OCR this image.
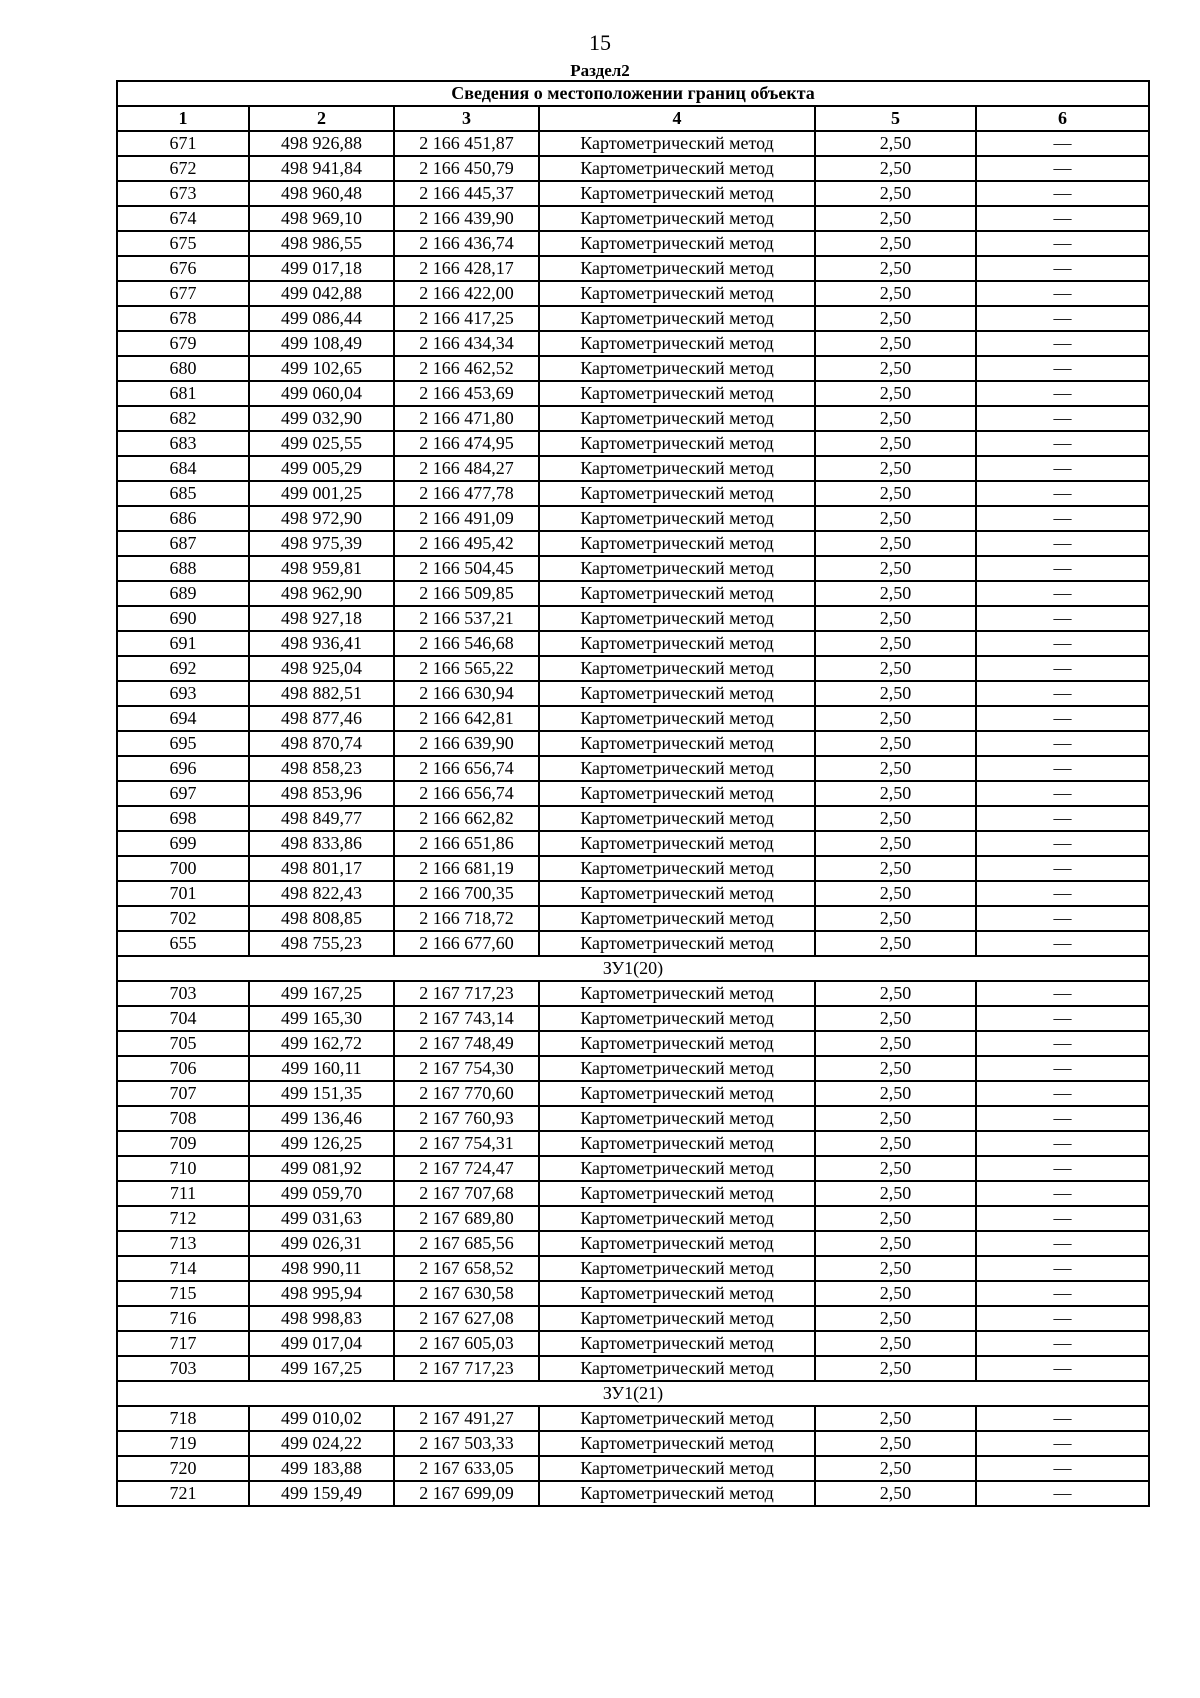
15
Раздел2
Сведения о местоположении границ объекта					
1	2	3	4	5	6
671	498 926,88	2 166 451,87	Картометрический метод	2,50	—
672	498 941,84	2 166 450,79	Картометрический метод	2,50	—
673	498 960,48	2 166 445,37	Картометрический метод	2,50	—
674	498 969,10	2 166 439,90	Картометрический метод	2,50	—
675	498 986,55	2 166 436,74	Картометрический метод	2,50	—
676	499 017,18	2 166 428,17	Картометрический метод	2,50	—
677	499 042,88	2 166 422,00	Картометрический метод	2,50	—
678	499 086,44	2 166 417,25	Картометрический метод	2,50	—
679	499 108,49	2 166 434,34	Картометрический метод	2,50	—
680	499 102,65	2 166 462,52	Картометрический метод	2,50	—
681	499 060,04	2 166 453,69	Картометрический метод	2,50	—
682	499 032,90	2 166 471,80	Картометрический метод	2,50	—
683	499 025,55	2 166 474,95	Картометрический метод	2,50	—
684	499 005,29	2 166 484,27	Картометрический метод	2,50	—
685	499 001,25	2 166 477,78	Картометрический метод	2,50	—
686	498 972,90	2 166 491,09	Картометрический метод	2,50	—
687	498 975,39	2 166 495,42	Картометрический метод	2,50	—
688	498 959,81	2 166 504,45	Картометрический метод	2,50	—
689	498 962,90	2 166 509,85	Картометрический метод	2,50	—
690	498 927,18	2 166 537,21	Картометрический метод	2,50	—
691	498 936,41	2 166 546,68	Картометрический метод	2,50	—
692	498 925,04	2 166 565,22	Картометрический метод	2,50	—
693	498 882,51	2 166 630,94	Картометрический метод	2,50	—
694	498 877,46	2 166 642,81	Картометрический метод	2,50	—
695	498 870,74	2 166 639,90	Картометрический метод	2,50	—
696	498 858,23	2 166 656,74	Картометрический метод	2,50	—
697	498 853,96	2 166 656,74	Картометрический метод	2,50	—
698	498 849,77	2 166 662,82	Картометрический метод	2,50	—
699	498 833,86	2 166 651,86	Картометрический метод	2,50	—
700	498 801,17	2 166 681,19	Картометрический метод	2,50	—
701	498 822,43	2 166 700,35	Картометрический метод	2,50	—
702	498 808,85	2 166 718,72	Картометрический метод	2,50	—
655	498 755,23	2 166 677,60	Картометрический метод	2,50	—
ЗУ1(20)					
703	499 167,25	2 167 717,23	Картометрический метод	2,50	—
704	499 165,30	2 167 743,14	Картометрический метод	2,50	—
705	499 162,72	2 167 748,49	Картометрический метод	2,50	—
706	499 160,11	2 167 754,30	Картометрический метод	2,50	—
707	499 151,35	2 167 770,60	Картометрический метод	2,50	—
708	499 136,46	2 167 760,93	Картометрический метод	2,50	—
709	499 126,25	2 167 754,31	Картометрический метод	2,50	—
710	499 081,92	2 167 724,47	Картометрический метод	2,50	—
711	499 059,70	2 167 707,68	Картометрический метод	2,50	—
712	499 031,63	2 167 689,80	Картометрический метод	2,50	—
713	499 026,31	2 167 685,56	Картометрический метод	2,50	—
714	498 990,11	2 167 658,52	Картометрический метод	2,50	—
715	498 995,94	2 167 630,58	Картометрический метод	2,50	—
716	498 998,83	2 167 627,08	Картометрический метод	2,50	—
717	499 017,04	2 167 605,03	Картометрический метод	2,50	—
703	499 167,25	2 167 717,23	Картометрический метод	2,50	—
ЗУ1(21)					
718	499 010,02	2 167 491,27	Картометрический метод	2,50	—
719	499 024,22	2 167 503,33	Картометрический метод	2,50	—
720	499 183,88	2 167 633,05	Картометрический метод	2,50	—
721	499 159,49	2 167 699,09	Картометрический метод	2,50	—
